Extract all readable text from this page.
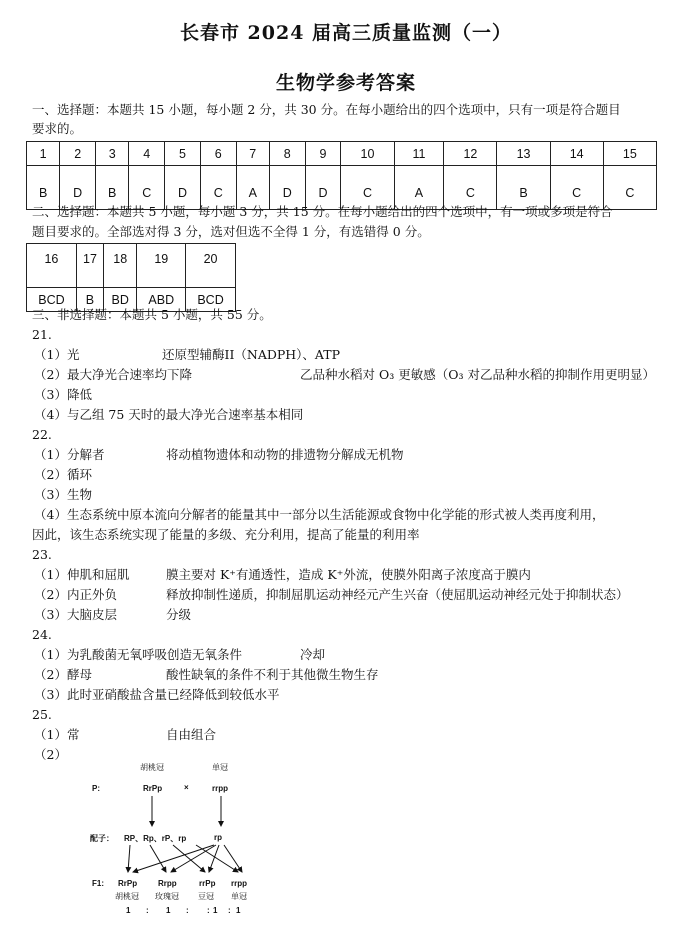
长春市 2024 届高三质量监测（一）
生物学参考答案
一、选择题：本题共 15 小题，每小题 2 分，共 30 分。在每小题给出的四个选项中，只有一项是符合题目
要求的。
1	2	3	4	5	6	7	8	9	10	11	12	13	14	15
B	D	B	C	D	C	A	D	D	C	A	C	B	C	C
二、选择题：本题共 5 小题，每小题 3 分，共 15 分。在每小题给出的四个选项中，有一项或多项是符合
题目要求的。全部选对得 3 分，选对但选不全得 1 分，有选错得 0 分。
16	17	18	19	20
BCD	B	BD	ABD	BCD
三、非选择题：本题共 5 小题，共 55 分。
21.
（1）光	还原型辅酶II（NADPH）、ATP
（2）最大净光合速率均下降	乙品种水稻对 O₃ 更敏感（O₃ 对乙品种水稻的抑制作用更明显）
（3）降低
（4）与乙组 75 天时的最大净光合速率基本相同
22.
（1）分解者	将动植物遗体和动物的排遗物分解成无机物
（2）循环
（3）生物
（4）生态系统中原本流向分解者的能量其中一部分以生活能源或食物中化学能的形式被人类再度利用，
因此，该生态系统实现了能量的多级、充分利用，提高了能量的利用率
23.
（1）伸肌和屈肌	膜主要对 K⁺有通透性，造成 K⁺外流，使膜外阳离子浓度高于膜内
（2）内正外负	释放抑制性递质，抑制屈肌运动神经元产生兴奋（使屈肌运动神经元处于抑制状态）
（3）大脑皮层	分级
24.
（1）为乳酸菌无氧呼吸创造无氧条件	冷却
（2）酵母	酸性缺氧的条件不利于其他微生物生存
（3）此时亚硝酸盐含量已经降低到较低水平
25.
（1）常	自由组合
（2）
胡桃冠	单冠
P:	RrPp	×	rrpp
配子： RP、Rp、rP、rp	rp
F1: RrPp	Rrpp	rrPp rrpp
胡桃冠 玫瑰冠 豆冠 单冠
1 : 1 : : 1 : 1
